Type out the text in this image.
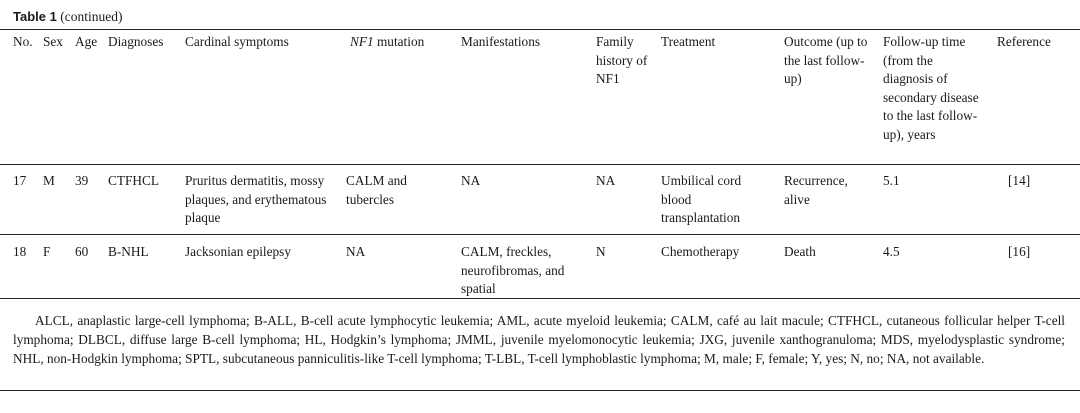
Table 1 (continued)
No.	Sex	Age	Diagnoses	Cardinal symptoms	NF1 mutation	Manifestations	Family history of NF1	Treatment	Outcome (up to the last follow-up)	Follow-up time (from the diagnosis of secondary disease to the last follow-up), years	Reference
17	M	39	CTFHCL	Pruritus dermatitis, mossy plaques, and erythematous plaque	CALM and tubercles	NA	NA	Umbilical cord blood transplantation	Recurrence, alive	5.1	[14]
18	F	60	B-NHL	Jacksonian epilepsy	NA	CALM, freckles, neurofibromas, and spatial	N	Chemotherapy	Death	4.5	[16]
ALCL, anaplastic large-cell lymphoma; B-ALL, B-cell acute lymphocytic leukemia; AML, acute myeloid leukemia; CALM, café au lait macule; CTFHCL, cutaneous follicular helper T-cell lymphoma; DLBCL, diffuse large B-cell lymphoma; HL, Hodgkin’s lymphoma; JMML, juvenile myelomonocytic leukemia; JXG, juvenile xanthogranuloma; MDS, myelodysplastic syndrome; NHL, non-Hodgkin lymphoma; SPTL, subcutaneous panniculitis-like T-cell lymphoma; T-LBL, T-cell lymphoblastic lymphoma; M, male; F, female; Y, yes; N, no; NA, not available.
